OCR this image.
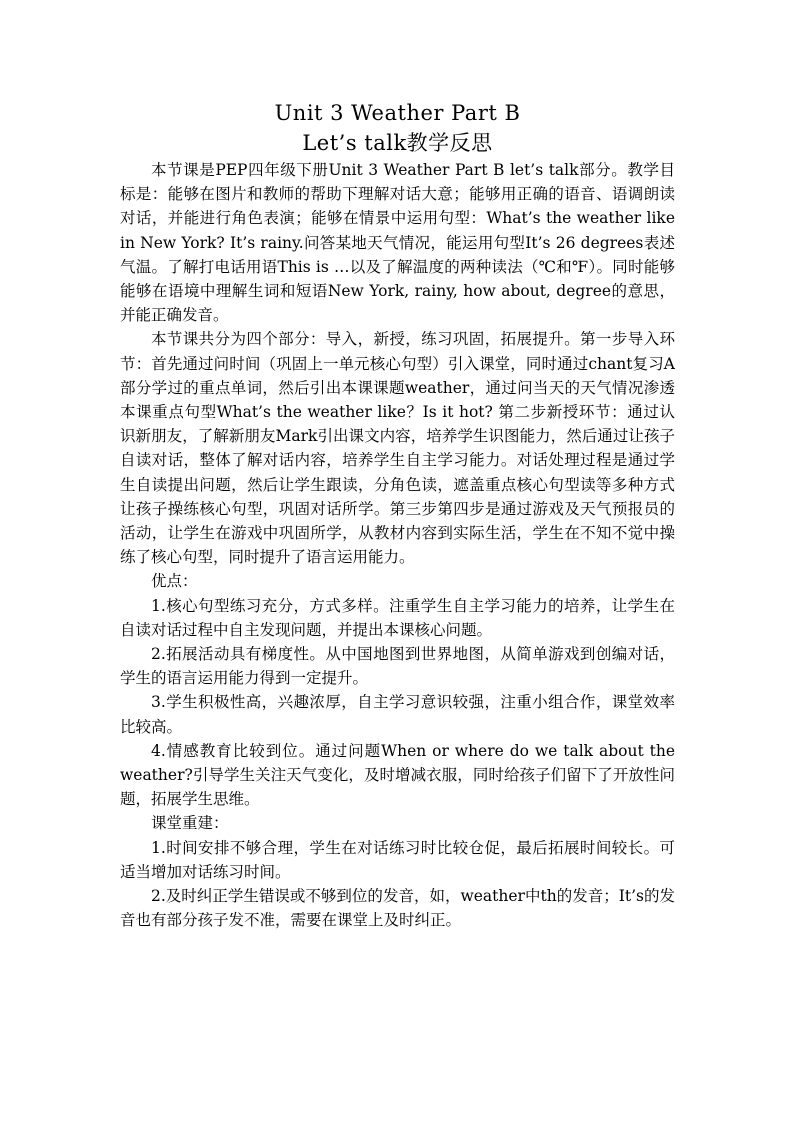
Unit 3 Weather Part B
Let’s talk教学反思

本节课是PEP四年级下册Unit 3 Weather Part B let’s talk部分。教学目标是：能够在图片和教师的帮助下理解对话大意；能够用正确的语音、语调朗读对话，并能进行角色表演；能够在情景中运用句型：What’s the weather like in New York? It’s rainy.问答某地天气情况，能运用句型It’s 26 degrees表述气温。了解打电话用语This is …以及了解温度的两种读法（℃和℉）。同时能够能够在语境中理解生词和短语New York, rainy, how about, degree的意思，并能正确发音。

本节课共分为四个部分：导入，新授，练习巩固，拓展提升。第一步导入环节：首先通过问时间（巩固上一单元核心句型）引入课堂，同时通过chant复习A部分学过的重点单词，然后引出本课课题weather，通过问当天的天气情况渗透本课重点句型What’s the weather like？Is it hot? 第二步新授环节：通过认识新朋友，了解新朋友Mark引出课文内容，培养学生识图能力，然后通过让孩子自读对话，整体了解对话内容，培养学生自主学习能力。对话处理过程是通过学生自读提出问题，然后让学生跟读，分角色读，遮盖重点核心句型读等多种方式让孩子操练核心句型，巩固对话所学。第三步第四步是通过游戏及天气预报员的活动，让学生在游戏中巩固所学，从教材内容到实际生活，学生在不知不觉中操练了核心句型，同时提升了语言运用能力。

优点：

1.核心句型练习充分，方式多样。注重学生自主学习能力的培养，让学生在自读对话过程中自主发现问题，并提出本课核心问题。

2.拓展活动具有梯度性。从中国地图到世界地图，从简单游戏到创编对话，学生的语言运用能力得到一定提升。

3.学生积极性高，兴趣浓厚，自主学习意识较强，注重小组合作，课堂效率比较高。

4.情感教育比较到位。通过问题When or where do we talk about the weather?引导学生关注天气变化，及时增减衣服，同时给孩子们留下了开放性问题，拓展学生思维。

课堂重建：

1.时间安排不够合理，学生在对话练习时比较仓促，最后拓展时间较长。可适当增加对话练习时间。

2.及时纠正学生错误或不够到位的发音，如，weather中th的发音；It’s的发音也有部分孩子发不准，需要在课堂上及时纠正。
